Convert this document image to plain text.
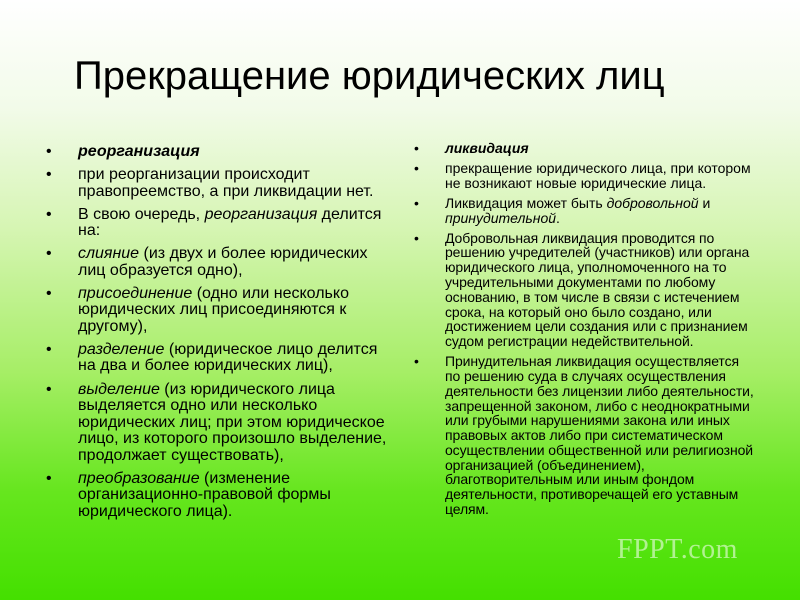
Прекращение юридических лиц
• реорганизация
• при реорганизации происходит правопреемство, а при ликвидации нет.
• В свою очередь, реорганизация делится на:
• слияние (из двух и более юридических лиц образуется одно),
• присоединение (одно или несколько юридических лиц присоединяются к другому),
• разделение (юридическое лицо делится на два и более юридических лиц),
• выделение (из юридического лица выделяется одно или несколько юридических лиц; при этом юридическое лицо, из которого произошло выделение, продолжает существовать),
• преобразование (изменение организационно-правовой формы юридического лица).
• ликвидация
• прекращение юридического лица, при котором не возникают новые юридические лица.
• Ликвидация может быть добровольной и принудительной.
• Добровольная ликвидация проводится по решению учредителей (участников) или органа юридического лица, уполномоченного на то учредительными документами по любому основанию, в том числе в связи с истечением срока, на который оно было создано, или достижением цели создания или с признанием судом регистрации недействительной.
• Принудительная ликвидация осуществляется по решению суда в случаях осуществления деятельности без лицензии либо деятельности, запрещенной законом, либо с неоднократными или грубыми нарушениями закона или иных правовых актов либо при систематическом осуществлении общественной или религиозной организацией (объединением), благотворительным или иным фондом деятельности, противоречащей его уставным целям.
FPPT.com
